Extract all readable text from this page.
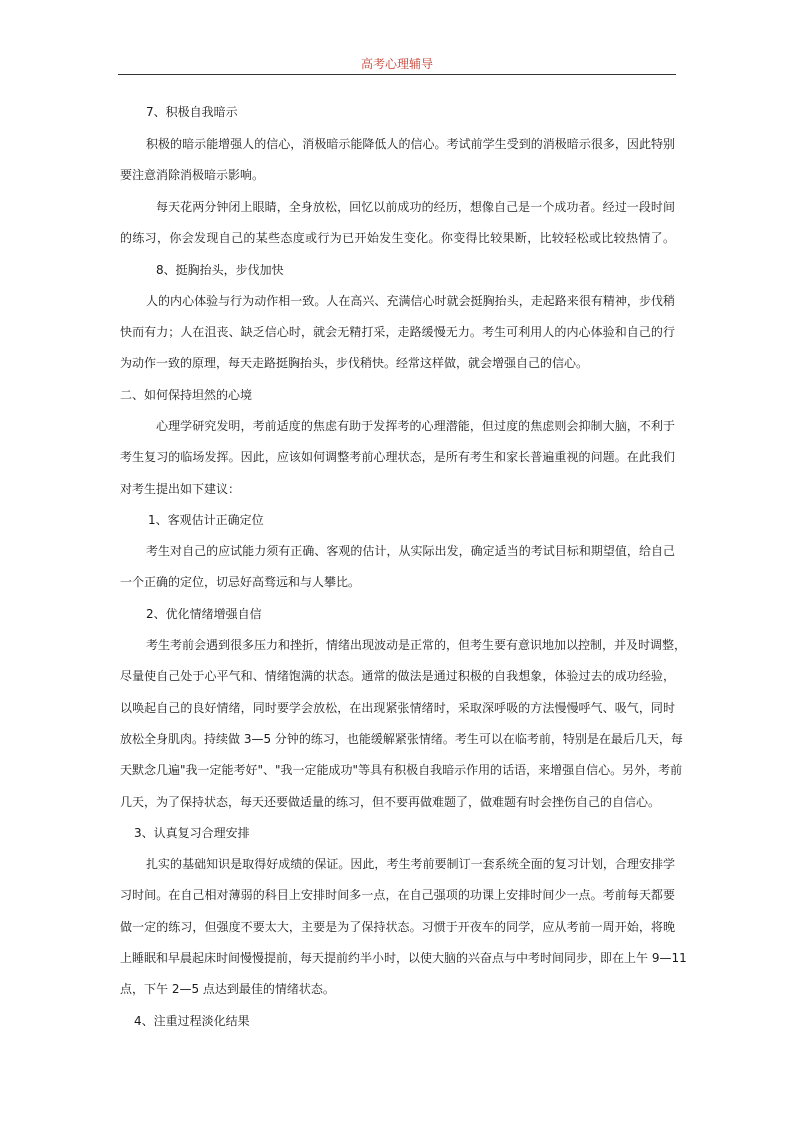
高考心理辅导
7、积极自我暗示
积极的暗示能增强人的信心，消极暗示能降低人的信心。考试前学生受到的消极暗示很多，因此特别
要注意消除消极暗示影响。
每天花两分钟闭上眼睛，全身放松，回忆以前成功的经历，想像自己是一个成功者。经过一段时间
的练习，你会发现自己的某些态度或行为已开始发生变化。你变得比较果断，比较轻松或比较热情了。
8、挺胸抬头，步伐加快
人的内心体验与行为动作相一致。人在高兴、充满信心时就会挺胸抬头，走起路来很有精神，步伐稍
快而有力；人在沮丧、缺乏信心时，就会无精打采，走路缓慢无力。考生可利用人的内心体验和自己的行
为动作一致的原理，每天走路挺胸抬头，步伐稍快。经常这样做，就会增强自己的信心。
二、如何保持坦然的心境
心理学研究发明，考前适度的焦虑有助于发挥考的心理潜能，但过度的焦虑则会抑制大脑，不利于
考生复习的临场发挥。因此，应该如何调整考前心理状态，是所有考生和家长普遍重视的问题。在此我们
对考生提出如下建议：
1、客观估计正确定位
考生对自己的应试能力须有正确、客观的估计，从实际出发，确定适当的考试目标和期望值，给自己
一个正确的定位，切忌好高骛远和与人攀比。
2、优化情绪增强自信
考生考前会遇到很多压力和挫折，情绪出现波动是正常的，但考生要有意识地加以控制，并及时调整，
尽量使自己处于心平气和、情绪饱满的状态。通常的做法是通过积极的自我想象，体验过去的成功经验，
以唤起自己的良好情绪，同时要学会放松，在出现紧张情绪时，采取深呼吸的方法慢慢呼气、吸气，同时
放松全身肌肉。持续做 3—5 分钟的练习，也能缓解紧张情绪。考生可以在临考前，特别是在最后几天，每
天默念几遍"我一定能考好"、"我一定能成功"等具有积极自我暗示作用的话语，来增强自信心。另外，考前
几天，为了保持状态，每天还要做适量的练习，但不要再做难题了，做难题有时会挫伤自己的自信心。
3、认真复习合理安排
扎实的基础知识是取得好成绩的保证。因此，考生考前要制订一套系统全面的复习计划，合理安排学
习时间。在自己相对薄弱的科目上安排时间多一点，在自己强项的功课上安排时间少一点。考前每天都要
做一定的练习，但强度不要太大，主要是为了保持状态。习惯于开夜车的同学，应从考前一周开始，将晚
上睡眠和早晨起床时间慢慢提前，每天提前约半小时，以使大脑的兴奋点与中考时间同步，即在上午 9—11
点，下午 2—5 点达到最佳的情绪状态。
4、注重过程淡化结果
